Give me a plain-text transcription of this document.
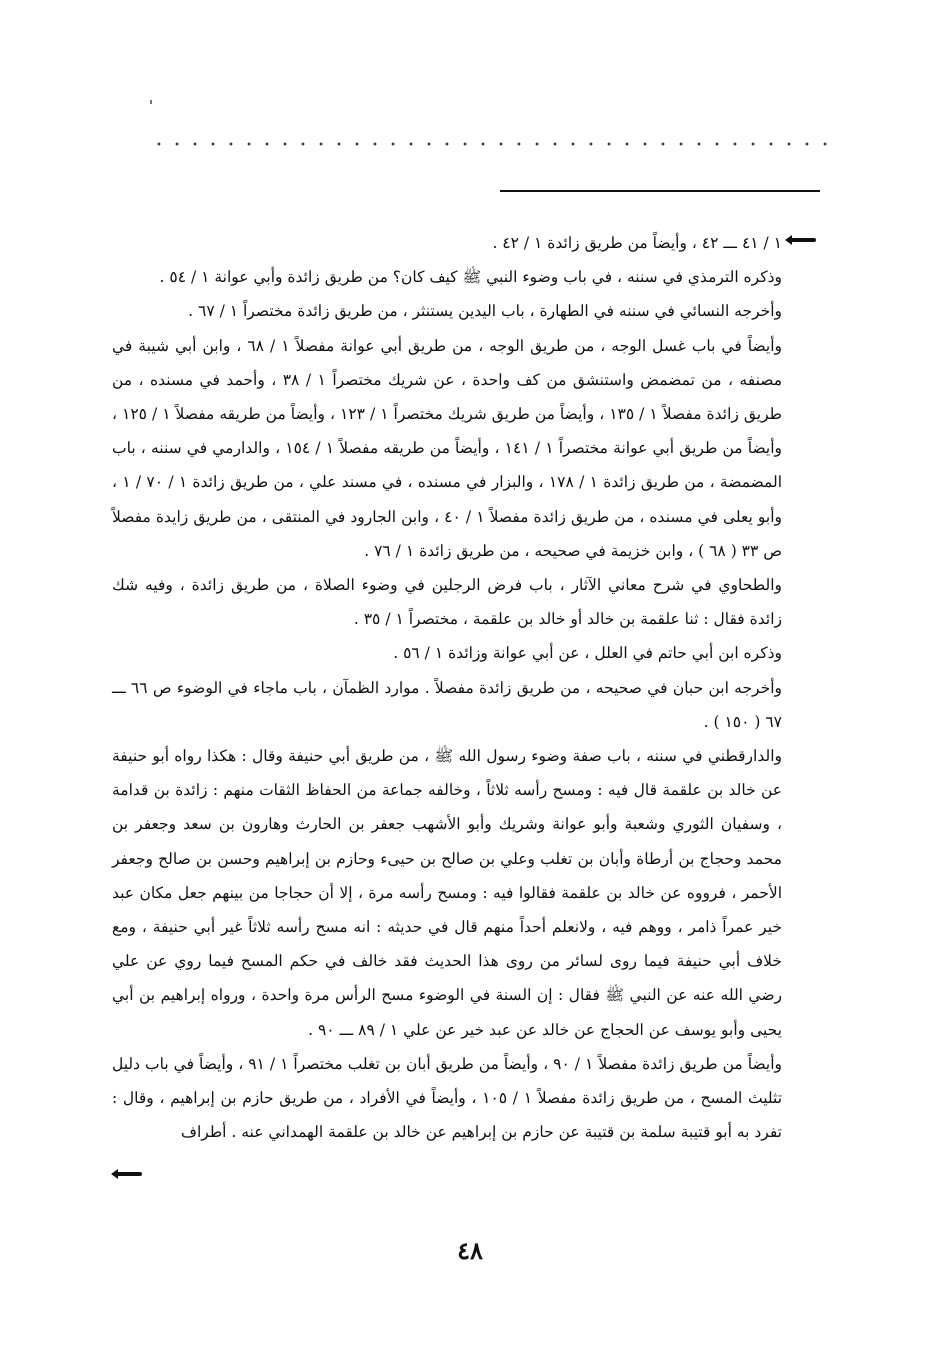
١ / ٤١ ـــ ٤٢ ، وأيضاً من طريق زائدة ١ / ٤٢ .

وذكره الترمذي في سننه ، في باب وضوء النبي ﷺ كيف كان؟ من طريق زائدة وأبي عوانة ١ / ٥٤ .

وأخرجه النسائي في سننه في الطهارة ، باب اليدين يستنثر ، من طريق زائدة مختصراً ١ / ٦٧ .

وأيضاً في باب غسل الوجه ، من طريق الوجه ، من طريق أبي عوانة مفصلاً ١ / ٦٨ ، وابن أبي شيبة في مصنفه ، من تمضمض واستنشق من كف واحدة ، عن شريك مختصراً ١ / ٣٨ ، وأحمد في مسنده ، من طريق زائدة مفصلاً ١ / ١٣٥ ، وأيضاً من طريق شريك مختصراً ١ / ١٢٣ ، وأيضاً من طريقه مفصلاً ١ / ١٢٥ ، وأيضاً من طريق أبي عوانة مختصراً ١ / ١٤١ ، وأيضاً من طريقه مفصلاً ١ / ١٥٤ ، والدارمي في سننه ، باب المضمضة ، من طريق زائدة ١ / ١٧٨ ، والبزار في مسنده ، في مسند علي ، من طريق زائدة ١ / ٧٠ / ١ ، وأبو يعلى في مسنده ، من طريق زائدة مفصلاً ١ / ٤٠ ، وابن الجارود في المنتقى ، من طريق زايدة مفصلاً ص ٣٣ ( ٦٨ ) ، وابن خزيمة في صحيحه ، من طريق زائدة ١ / ٧٦ .

والطحاوي في شرح معاني الآثار ، باب فرض الرجلين في وضوء الصلاة ، من طريق زائدة ، وفيه شك زائدة فقال : ثنا علقمة بن خالد أو خالد بن علقمة ، مختصراً ١ / ٣٥ .

وذكره ابن أبي حاتم في العلل ، عن أبي عوانة وزائدة ١ / ٥٦ .

وأخرجه ابن حبان في صحيحه ، من طريق زائدة مفصلاً . موارد الظمآن ، باب ماجاء في الوضوء ص ٦٦ ـــ ٦٧ ( ١٥٠ ) .

والدارقطني في سننه ، باب صفة وضوء رسول الله ﷺ ، من طريق أبي حنيفة وقال : هكذا رواه أبو حنيفة عن خالد بن علقمة قال فيه : ومسح رأسه ثلاثاً ، وخالفه جماعة من الحفاظ الثقات منهم : زائدة بن قدامة ، وسفيان الثوري وشعبة وأبو عوانة وشريك وأبو الأشهب جعفر بن الحارث وهارون بن سعد وجعفر بن محمد وحجاج بن أرطاة وأبان بن تغلب وعلي بن صالح بن حيىء وحازم بن إبراهيم وحسن بن صالح وجعفر الأحمر ، فرووه عن خالد بن علقمة فقالوا فيه : ومسح رأسه مرة ، إلا أن حجاجا من بينهم جعل مكان عبد خير عمراً ذامر ، ووهم فيه ، ولانعلم أحداً منهم قال في حديثه : انه مسح رأسه ثلاثاً غير أبي حنيفة ، ومع خلاف أبي حنيفة فيما روى لسائر من روى هذا الحديث فقد خالف في حكم المسح فيما روي عن علي رضي الله عنه عن النبي ﷺ فقال : إن السنة في الوضوء مسح الرأس مرة واحدة ، ورواه إبراهيم بن أبي يحيى وأبو يوسف عن الحجاج عن خالد عن عبد خير عن علي ١ / ٨٩ ـــ ٩٠ .

وأيضاً من طريق زائدة مفصلاً ١ / ٩٠ ، وأيضاً من طريق أبان بن تغلب مختصراً ١ / ٩١ ، وأيضاً في باب دليل تثليث المسح ، من طريق زائدة مفصلاً ١ / ١٠٥ ، وأيضاً في الأفراد ، من طريق حازم بن إبراهيم ، وقال : تفرد به أبو قتيبة سلمة بن قتيبة عن حازم بن إبراهيم عن خالد بن علقمة الهمداني عنه . أطراف

٤٨
